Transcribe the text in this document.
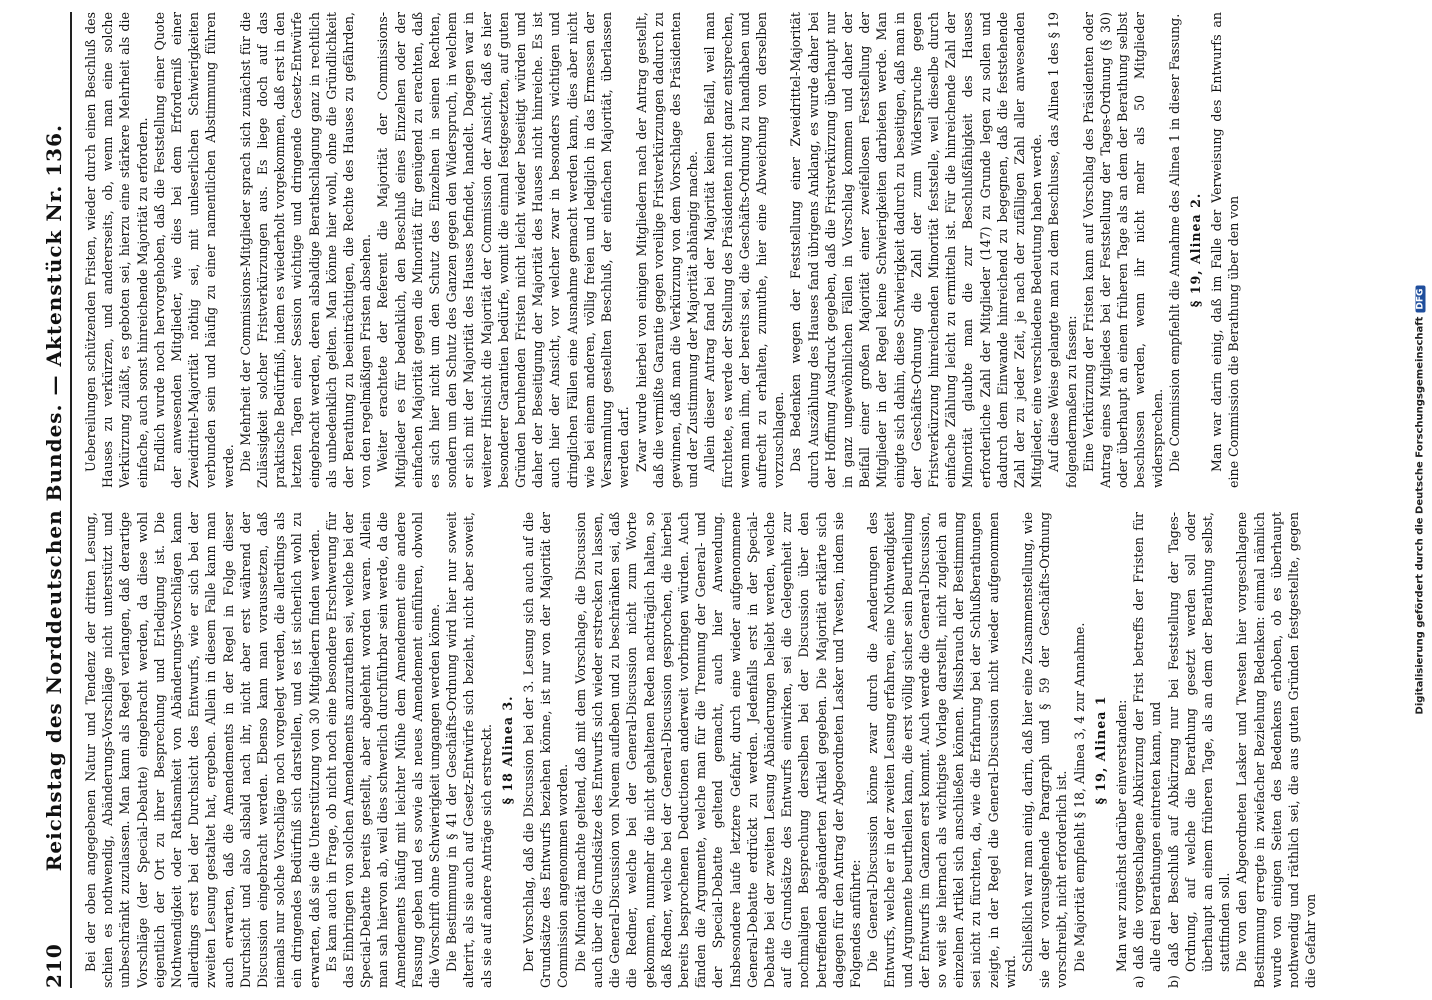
210
Reichstag des Norddeutschen Bundes. — Aktenstück Nr. 136. Bei der oben angegebenen Natur und Tendenz der dritten Lesung, schien es nothwendig, Abänderungs-Vorschläge nicht unterstützt und unbeschränkt zuzulassen. Man kann als Regel verlangen, daß derartige Vorschläge (der Special-Debatte) eingebracht werden, da diese wohl eigentlich der Ort zu ihrer Besprechung und Erledigung ist. Die Nothwendigkeit oder Rathsamkeit von Abänderungs-Vorschlägen kann allerdings erst bei der Durchsicht des Entwurfs, wie er sich bei der zweiten Lesung gestaltet hat, ergeben. Allein in diesem Falle kann man auch erwarten, daß die Amendements in der Regel in Folge dieser Durchsicht und also alsbald nach ihr, nicht aber erst während der Discussion eingebracht werden. Ebenso kann man voraussetzen, daß niemals nur solche Vorschläge noch vorgelegt werden, die allerdings als ein dringendes Bedürfniß sich darstellen, und es ist sicherlich wohl zu erwarten, daß sie die Unterstützung von 30 Mitgliedern finden werden. Es kam auch in Frage, ob nicht noch eine besondere Erschwerung für das Einbringen von solchen Amendements anzurathen sei, welche bei der Special-Debatte bereits gestellt, aber abgelehnt worden waren. Allein man sah hiervon ab, weil dies schwerlich durchführbar sein werde, da die Amendements häufig mit leichter Mühe dem Amendement eine andere Fassung geben und es sowie als neues Amendement einführen, obwohl die Vorschrift ohne Schwierigkeit umgangen werden könne. Die Bestimmung in § 41 der Geschäfts-Ordnung wird hier nur soweit alterirt, als sie auch auf Gesetz-Entwürfe sich bezieht, nicht aber soweit, als sie auf andere Anträge sich erstreckt. § 18 Alinea 3. Der Vorschlag, daß die Discussion bei der 3. Lesung sich auch auf die Grundsätze des Entwurfs beziehen könne, ist nur von der Majorität der Commission angenommen worden. Die Minorität machte geltend, daß mit dem Vorschlage, die Discussion auch über die Grundsätze des Entwurfs sich wieder erstrecken zu lassen, die General-Discussion von Neuem aufleben und zu beschränken sei, daß die Redner, welche bei der General-Discussion nicht zum Worte gekommen, nunmehr die nicht gehaltenen Reden nachträglich halten, so daß Redner, welche bei der General-Discussion gesprochen, die hierbei bereits besprochenen Deductionen anderweit vorbringen würden. Auch fänden die Argumente, welche man für die Trennung der General- und der Special-Debatte geltend gemacht, auch hier Anwendung. Insbesondere laufe letztere Gefahr, durch eine wieder aufgenommene General-Debatte erdrückt zu werden. Jedenfalls erst in der Special-Debatte bei der zweiten Lesung Abänderungen beliebt werden, welche auf die Grundsätze des Entwurfs einwirken, sei die Gelegenheit zur nochmaligen Besprechung derselben bei der Discussion über den betreffenden abgeänderten Artikel gegeben. Die Majorität erklärte sich dagegen für den Antrag der Abgeordneten Lasker und Twesten, indem sie Folgendes anführte: Die General-Discussion könne zwar durch die Aenderungen des Entwurfs, welche er in der zweiten Lesung erfahren, eine Nothwendigkeit und Argumente beurtheilen kann, die erst völlig sicher sein Beurtheilung der Entwurfs im Ganzen erst kommt. Auch werde die General-Discussion, so weit sie hiernach als wichtigste Vorlage darstellt, nicht zugleich an einzelnen Artikel sich anschließen können. Missbrauch der Bestimmung sei nicht zu fürchten, da, wie die Erfahrung bei der Schlußberathungen zeigte, in der Regel die General-Discussion nicht wieder aufgenommen wird. Schließlich war man einig, darin, daß hier eine Zusammenstellung, wie sie der vorausgehende Paragraph und § 59 der Geschäfts-Ordnung vorschreibt, nicht erforderlich ist. Die Majorität empfiehlt § 18, Alinea 3, 4 zur Annahme. § 19, Alinea 1 Man war zunächst darüber einverstanden: a) daß die vorgeschlagene Abkürzung der Frist betreffs der Fristen für alle drei Berathungen eintreten kann, und b) daß der Beschluß auf Abkürzung nur bei Feststellung der Tages-Ordnung, auf welche die Berathung gesetzt werden soll oder überhaupt an einem früheren Tage, als an dem der Berathung selbst, stattfinden soll. Die von den Abgeordneten Lasker und Twesten hier vorgeschlagene Bestimmung erregte in zwiefacher Beziehung Bedenken: einmal nämlich wurde von einigen Seiten des Bedenkens erhoben, ob es überhaupt nothwendig und räthlich sei, die aus guten Gründen festgestellte, gegen die Gefahr von

Uebereilungen schützenden Fristen, wieder durch einen Beschluß des Hauses zu verkürzen, und andererseits, ob, wenn man eine solche Verkürzung zuläßt, es geboten sei, hierzu eine stärkere Mehrheit als die einfache, auch sonst hinreichende Majorität zu erfordern. Endlich wurde noch hervorgehoben, daß die Feststellung einer Quote der anwesenden Mitglieder, wie dies bei dem Erforderniß einer Zweidrittel-Majorität nöthig sei, mit unleserlichen Schwierigkeiten verbunden sein und häufig zu einer namentlichen Abstimmung führen werde. Die Mehrheit der Commissions-Mitglieder sprach sich zunächst für die Zulässigkeit solcher Fristverkürzungen aus. Es liege doch auf das praktische Bedürfniß, indem es wiederholt vorgekommen, daß erst in den letzten Tagen einer Session wichtige und dringende Gesetz-Entwürfe eingebracht werden, deren alsbaldige Berathschlagung ganz in rechtlich als unbedenklich gelten. Man könne hier wohl, ohne die Gründlichkeit der Berathung zu beeinträchtigen, die Rechte des Hauses zu gefährden, von den regelmäßigen Fristen absehen. Weiter erachtete der Referent die Majorität der Commissions-Mitglieder es für bedenklich, den Beschluß eines Einzelnen oder der einfachen Majorität gegen die Minorität für genügend zu erachten, daß es sich hier nicht um den Schutz des Einzelnen in seinen Rechten, sondern um den Schutz des Ganzen gegen den Widerspruch, in welchem er sich mit der Majorität des Hauses befindet, handelt. Dagegen war in weiterer Hinsicht die Majorität der Commission der Ansicht, daß es hier besonderer Garantien bedürfe, womit die einmal festgesetzten, auf guten Gründen beruhenden Fristen nicht leicht wieder beseitigt würden und daher der Beseitigung der Majorität des Hauses nicht hinreiche. Es ist auch hier der Ansicht, vor welcher zwar in besonders wichtigen und dringlichen Fällen eine Ausnahme gemacht werden kann, dies aber nicht wie bei einem anderen, völlig freien und lediglich in das Ermessen der Versammlung gestellten Beschluß, der einfachen Majorität, überlassen werden darf. Zwar wurde hierbei von einigen Mitgliedern nach der Antrag gestellt, daß die vermißte Garantie gegen voreilige Fristverkürzungen dadurch zu gewinnen, daß man die Verkürzung von dem Vorschlage des Präsidenten und der Zustimmung der Majorität abhängig mache. Allein dieser Antrag fand bei der Majorität keinen Beifall, weil man fürchtete, es werde der Stellung des Präsidenten nicht ganz entsprechen, wenn man ihm, der bereits sei, die Geschäfts-Ordnung zu handhaben und aufrecht zu erhalten, zumuthe, hier eine Abweichung von derselben vorzuschlagen. Das Bedenken wegen der Feststellung einer Zweidrittel-Majorität durch Auszählung des Hauses fand übrigens Anklang, es wurde daher bei der Hoffnung Ausdruck gegeben, daß die Fristverkürzung überhaupt nur in ganz ungewöhnlichen Fällen in Vorschlag kommen und daher der Beifall einer großen Majorität einer zweifellosen Feststellung der Mitglieder in der Regel keine Schwierigkeiten darbieten werde. Man einigte sich dahin, diese Schwierigkeit dadurch zu beseitigen, daß man in der Geschäfts-Ordnung die Zahl der zum Widerspruche gegen Fristverkürzung hinreichenden Minorität feststelle, weil dieselbe durch einfache Zählung leicht zu ermitteln ist. Für die hinreichende Zahl der Minorität glaubte man die zur Beschlußfähigkeit des Hauses erforderliche Zahl der Mitglieder (147) zu Grunde legen zu sollen und dadurch dem Einwande hinreichend zu begegnen, daß die feststehende Zahl der zu jeder Zeit, je nach der zufälligen Zahl aller anwesenden Mitglieder, eine verschiedene Bedeutung haben werde. Auf diese Weise gelangte man zu dem Beschlusse, das Alinea 1 des § 19 folgendermaßen zu fassen: Eine Verkürzung der Fristen kann auf Vorschlag des Präsidenten oder Antrag eines Mitgliedes bei der Feststellung der Tages-Ordnung (§ 30) oder überhaupt an einem früheren Tage als an dem der Berathung selbst beschlossen werden, wenn ihr nicht mehr als 50 Mitglieder widersprechen. Die Commission empfiehlt die Annahme des Alinea 1 in dieser Fassung. § 19, Alinea 2. Man war darin einig, daß im Falle der Verweisung des Entwurfs an eine Commission die Berathung über den von	Digitalisierung gefördert durch die Deutsche Forschungsgemeinschaft
DFG
